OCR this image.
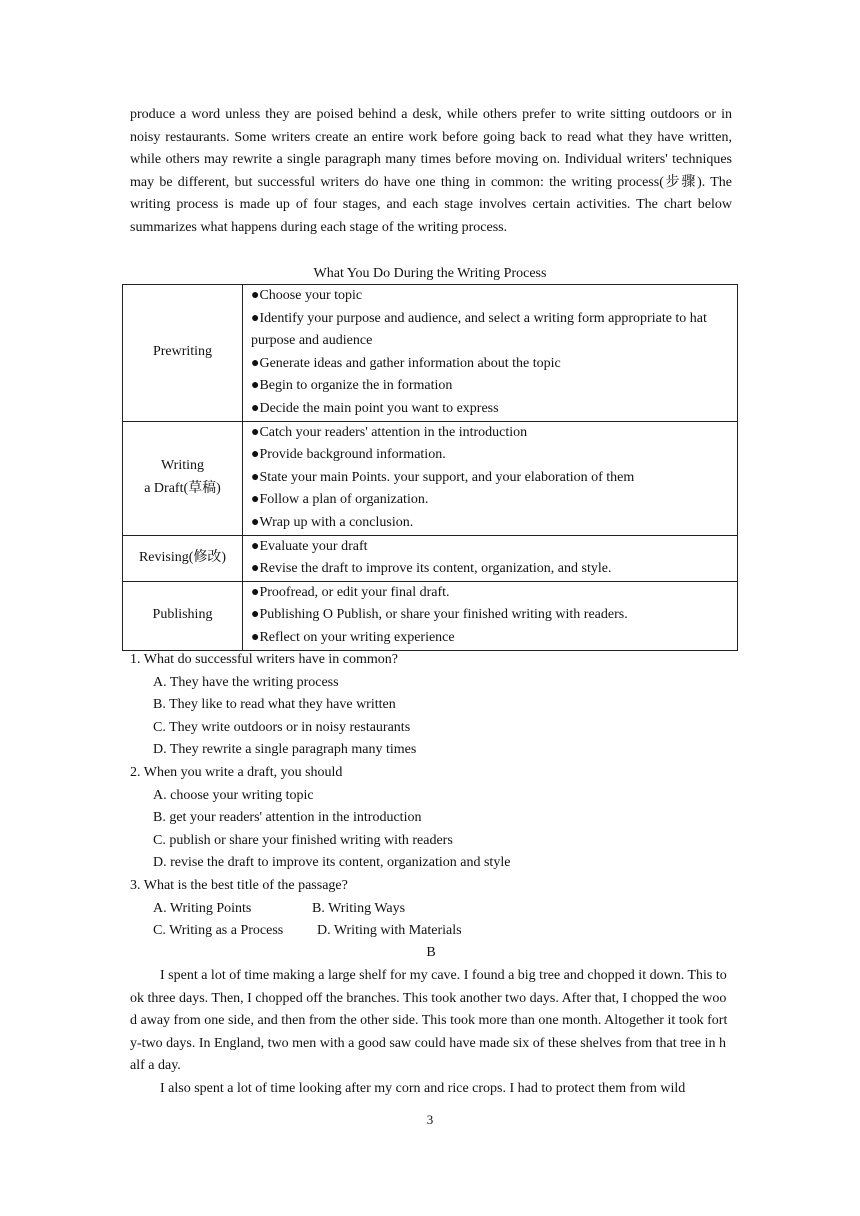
produce a word unless they are poised behind a desk, while others prefer to write sitting outdoors or in noisy restaurants. Some writers create an entire work before going back to read what they have written, while others may rewrite a single paragraph many times before moving on. Individual writers' techniques may be different, but successful writers do have one thing in common: the writing process(步骤). The writing process is made up of four stages, and each stage involves certain activities. The chart below summarizes what happens during each stage of the writing process.

What You Do During the Writing Process
Prewriting	●Choose your topic
●Identify your purpose and audience, and select a writing form appropriate to hat purpose and audience
●Generate ideas and gather information about the topic
●Begin to organize the in formation
●Decide the main point you want to express

Writing
a Draft(草稿)	●Catch your readers' attention in the introduction
●Provide background information.
●State your main Points. your support, and your elaboration of them
●Follow a plan of organization.
●Wrap up with a conclusion.

Revising(修改)	●Evaluate your draft
●Revise the draft to improve its content, organization, and style.

Publishing	●Proofread, or edit your final draft.
●Publishing O Publish, or share your finished writing with readers.
●Reflect on your writing experience

1. What do successful writers have in common?

A. They have the writing process

B. They like to read what they have written

C. They write outdoors or in noisy restaurants

D. They rewrite a single paragraph many times

2. When you write a draft, you should

A. choose your writing topic

B. get your readers' attention in the introduction

C. publish or share your finished writing with readers

D. revise the draft to improve its content, organization and style

3. What is the best title of the passage?

A. Writing Points	B. Writing Ways
C. Writing as a Process	D. Writing with Materials
B

I spent a lot of time making a large shelf for my cave. I found a big tree and chopped it down. This took three days. Then, I chopped off the branches. This took another two days. After that, I chopped the wood away from one side, and then from the other side. This took more than one month. Altogether it took forty-two days. In England, two men with a good saw could have made six of these shelves from that tree in half a day.

I also spent a lot of time looking after my corn and rice crops. I had to protect them from wild

3
